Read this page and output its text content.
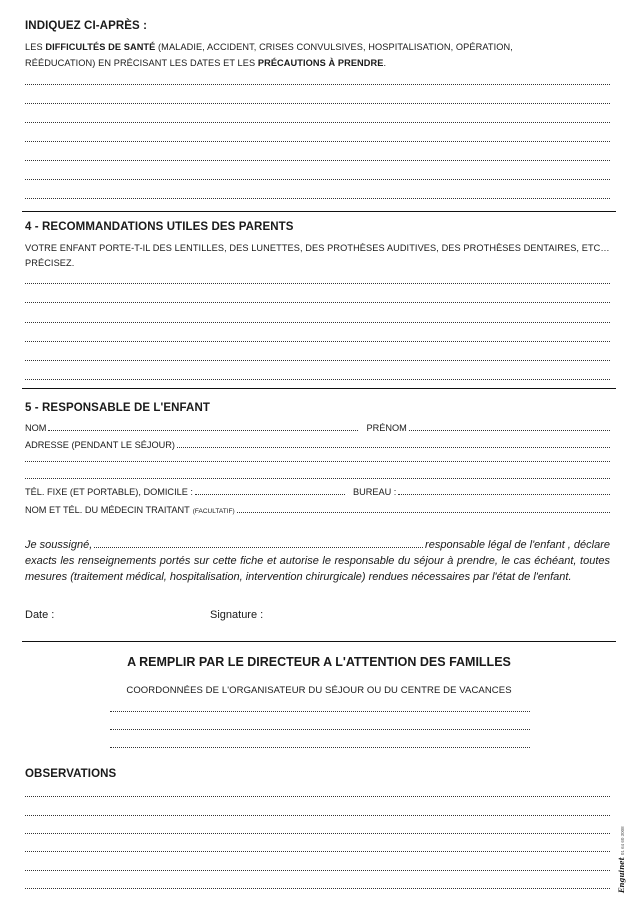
INDIQUEZ CI-APRÈS :
LES DIFFICULTÉS DE SANTÉ (MALADIE, ACCIDENT, CRISES CONVULSIVES, HOSPITALISATION, OPÉRATION,
RÉÉDUCATION) EN PRÉCISANT LES DATES ET LES PRÉCAUTIONS À PRENDRE.
4 - RECOMMANDATIONS UTILES DES PARENTS
VOTRE ENFANT PORTE-T-IL DES LENTILLES, DES LUNETTES, DES PROTHÈSES AUDITIVES, DES PROTHÈSES DENTAIRES, ETC…
PRÉCISEZ.
5 - RESPONSABLE DE L'ENFANT
NOM	PRÉNOM
ADRESSE (PENDANT LE SÉJOUR)
TÉL. FIXE (ET PORTABLE), DOMICILE :	BUREAU :
NOM ET TÉL. DU MÉDECIN TRAITANT (FACULTATIF)
Je soussigné,	responsable légal de l'enfant , déclare
exacts les renseignements portés sur cette fiche et autorise le responsable du séjour à prendre, le cas échéant, toutes mesures (traitement médical, hospitalisation, intervention chirurgicale) rendues nécessaires par l'état de l'enfant.
Date :	Signature :
A REMPLIR PAR LE DIRECTEUR A L'ATTENTION DES FAMILLES
COORDONNÉES DE L'ORGANISATEUR DU SÉJOUR OU DU CENTRE DE VACANCES
OBSERVATIONS
Enguinet01 64 60 3008
